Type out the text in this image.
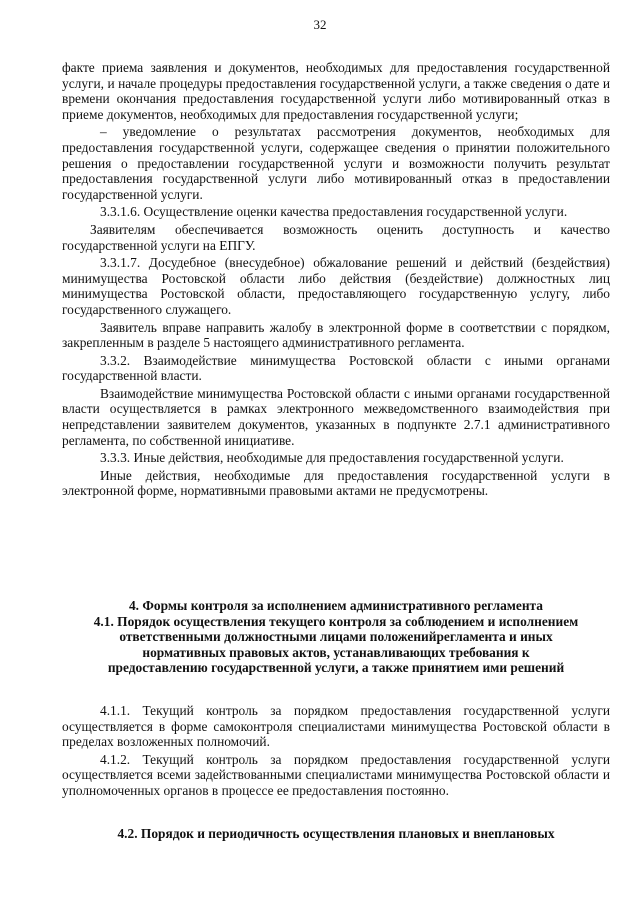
32

факте приема заявления и документов, необходимых для предоставления государственной услуги, и начале процедуры предоставления государственной услуги, а также сведения о дате и времени окончания предоставления государственной услуги либо мотивированный отказ в приеме документов, необходимых для предоставления государственной услуги;

– уведомление о результатах рассмотрения документов, необходимых для предоставления государственной услуги, содержащее сведения о принятии положительного решения о предоставлении государственной услуги и возможности получить результат предоставления государственной услуги либо мотивированный отказ в предоставлении государственной услуги.

3.3.1.6. Осуществление оценки качества предоставления государственной услуги.

Заявителям обеспечивается возможность оценить доступность и качество государственной услуги на ЕПГУ.

3.3.1.7. Досудебное (внесудебное) обжалование решений и действий (бездействия) минимущества Ростовской области либо действия (бездействие) должностных лиц минимущества Ростовской области, предоставляющего государственную услугу, либо государственного служащего.

Заявитель вправе направить жалобу в электронной форме в соответствии с порядком, закрепленным в разделе 5 настоящего административного регламента.

3.3.2. Взаимодействие минимущества Ростовской области с иными органами государственной власти.

Взаимодействие минимущества Ростовской области с иными органами государственной власти осуществляется в рамках электронного межведомственного взаимодействия при непредставлении заявителем документов, указанных в подпункте 2.7.1 административного регламента, по собственной инициативе.

3.3.3. Иные действия, необходимые для предоставления государственной услуги.

Иные действия, необходимые для предоставления государственной услуги в электронной форме, нормативными правовыми актами не предусмотрены.

4. Формы контроля за исполнением административного регламента

4.1. Порядок осуществления текущего контроля за соблюдением и исполнением

ответственными должностными лицами положенийрегламента и иных

нормативных правовых актов, устанавливающих требования к

предоставлению государственной услуги, а также принятием ими решений

4.1.1. Текущий контроль за порядком предоставления государственной услуги осуществляется в форме самоконтроля специалистами минимущества Ростовской области в пределах возложенных полномочий.

4.1.2. Текущий контроль за порядком предоставления государственной услуги осуществляется всеми задействованными специалистами минимущества Ростовской области и уполномоченных органов в процессе ее предоставления постоянно.

4.2. Порядок и периодичность осуществления плановых и внеплановых
